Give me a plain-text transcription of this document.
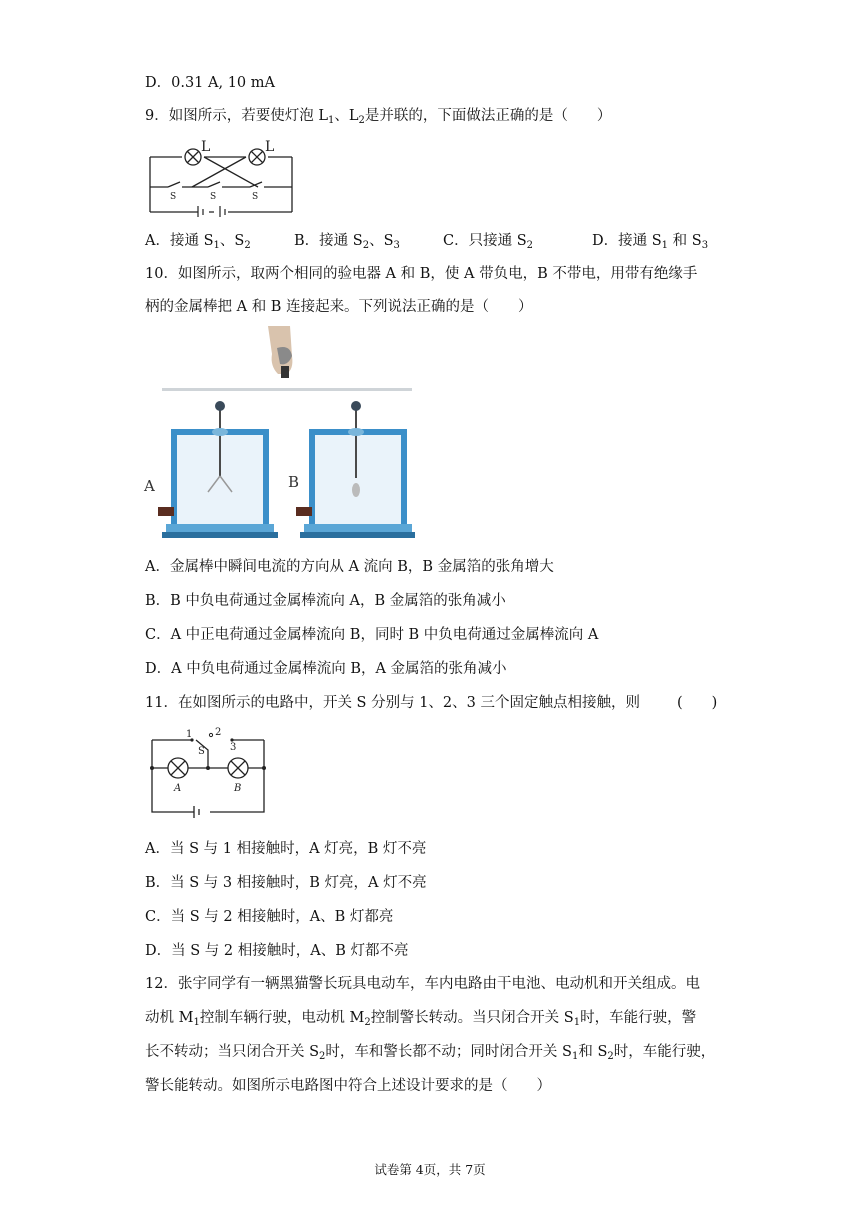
D．0.31 A, 10 mA
9．如图所示，若要使灯泡 $L_1$、$L_2$是并联的，下面做法正确的是（　　）
L	L
S	S	S
A．接通 $S_1$、$S_2$	B．接通 $S_2$、$S_3$	C．只接通 $S_2$	D．接通 $S_1$ 和 $S_3$
10．如图所示，取两个相同的验电器 A 和 B，使 A 带负电，B 不带电，用带有绝缘手
柄的金属棒把 A 和 B 连接起来。下列说法正确的是（　　）
A	B
A．金属棒中瞬间电流的方向从 A 流向 B，B 金属箔的张角增大
B．B 中负电荷通过金属棒流向 A，B 金属箔的张角减小
C．A 中正电荷通过金属棒流向 B，同时 B 中负电荷通过金属棒流向 A
D．A 中负电荷通过金属棒流向 B，A 金属箔的张角减小
11．在如图所示的电路中，开关 S 分别与 1、2、3 三个固定触点相接触，则	(　　)
1 2
3
S
A	B
A．当 S 与 1 相接触时，A 灯亮，B 灯不亮
B．当 S 与 3 相接触时，B 灯亮，A 灯不亮
C．当 S 与 2 相接触时，A、B 灯都亮
D．当 S 与 2 相接触时，A、B 灯都不亮
12．张宇同学有一辆黑猫警长玩具电动车，车内电路由干电池、电动机和开关组成。电
动机 $M_1$控制车辆行驶，电动机 $M_2$控制警长转动。当只闭合开关 $S_1$时，车能行驶，警
长不转动；当只闭合开关 $S_2$时，车和警长都不动；同时闭合开关 $S_1$和 $S_2$时，车能行驶，
警长能转动。如图所示电路图中符合上述设计要求的是（　　）
试卷第 4页，共 7页
